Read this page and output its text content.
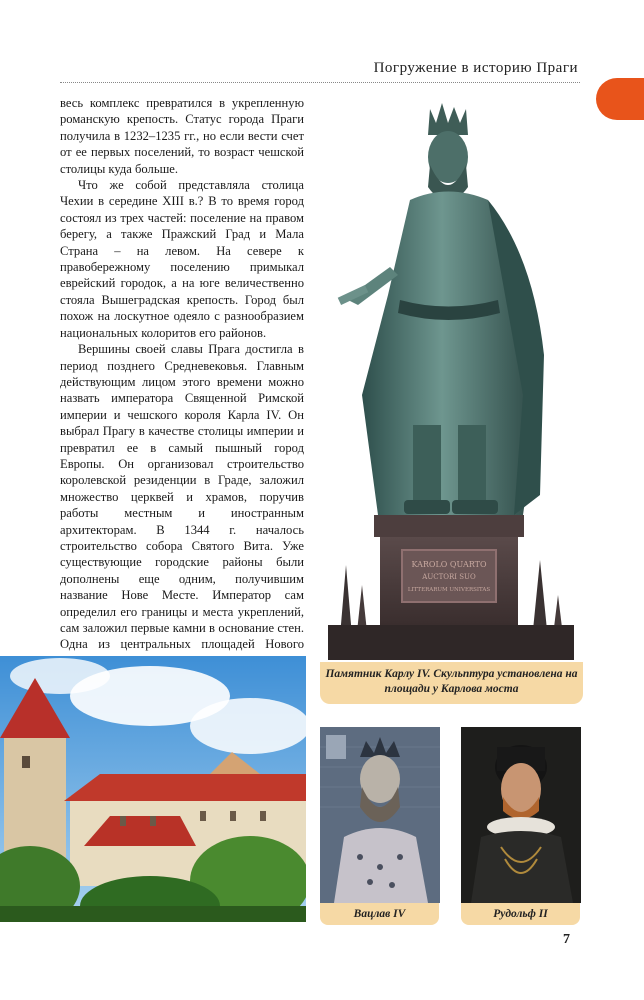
Погружение в историю Праги

весь комплекс превратился в укрепленную романскую крепость. Статус города Праги получила в 1232–1235 гг., но если вести счет от ее первых поселений, то возраст чешской столицы куда больше.

Что же собой представляла столица Чехии в середине XIII в.? В то время город состоял из трех частей: поселение на правом берегу, а также Пражский Град и Мала Страна – на левом. На севере к правобережному поселению примыкал еврейский городок, а на юге величественно стояла Вышеградская крепость. Город был похож на лоскутное одеяло с разнообразием национальных колоритов его районов.

Вершины своей славы Прага достигла в период позднего Средневековья. Главным действующим лицом этого времени можно назвать императора Священной Римской империи и чешского короля Карла IV. Он выбрал Прагу в качестве столицы империи и превратил ее в самый пышный город Европы. Он организовал строительство королевской резиденции в Граде, заложил множество церквей и храмов, поручив работы местным и иностранным архитекторам. В 1344 г. началось строительство собора Святого Вита. Уже существующие городские районы были дополнены еще одним, получившим название Нове Месте. Император сам определил его границы и места укреплений, сам заложил первые камни в основание стен. Одна из центральных площадей Нового

KAROLO QUARTO
AUCTORI SUO
LITTERARUM UNIVERSITAS
Памятник Карлу IV. Скульптура установлена на площади у Карлова моста
Вацлав IV	Рудольф II
7
